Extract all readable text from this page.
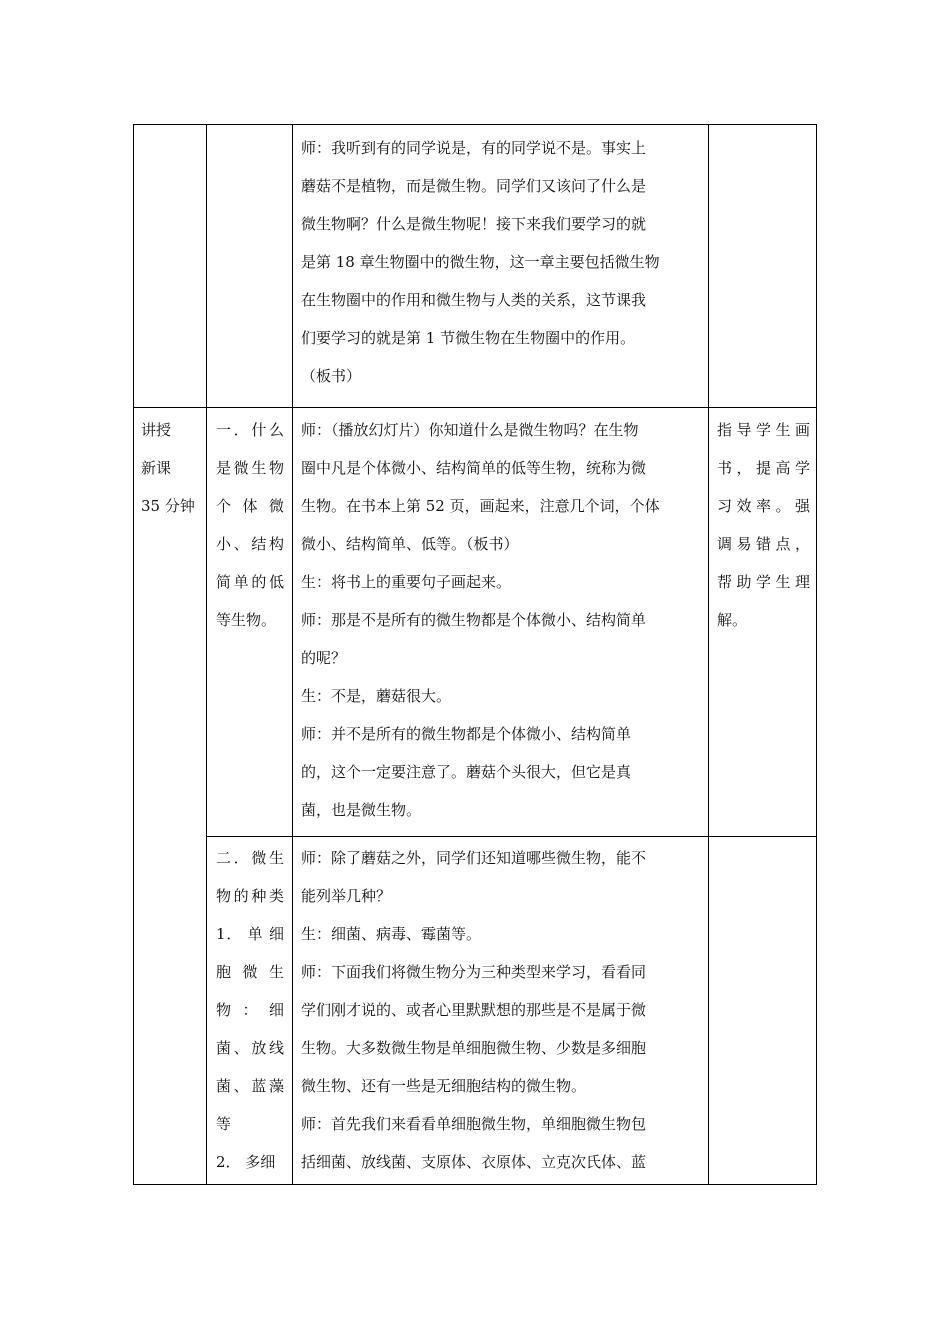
师：我听到有的同学说是，有的同学说不是。事实上

蘑菇不是植物，而是微生物。同学们又该问了什么是

微生物啊？什么是微生物呢！接下来我们要学习的就

是第 18 章生物圈中的微生物，这一章主要包括微生物

在生物圈中的作用和微生物与人类的关系，这节课我

们要学习的就是第 1 节微生物在生物圈中的作用。

（板书）

讲授

新课

35 分钟

一．什么

是微生物

个 体 微

小、结构

简单的低

等生物。

师：（播放幻灯片）你知道什么是微生物吗？在生物

圈中凡是个体微小、结构简单的低等生物，统称为微

生物。在书本上第 52 页，画起来，注意几个词，个体

微小、结构简单、低等。（板书）

生：将书上的重要句子画起来。

师：那是不是所有的微生物都是个体微小、结构简单

的呢？

生：不是，蘑菇很大。

师：并不是所有的微生物都是个体微小、结构简单

的，这个一定要注意了。蘑菇个头很大，但它是真

菌，也是微生物。

指导学生画

书，提高学

习效率。强

调易错点，

帮助学生理

解。

二．微生

物的种类

1． 单 细

胞 微 生

物 ： 细

菌、放线

菌、蓝藻

等

2． 多细

师：除了蘑菇之外，同学们还知道哪些微生物，能不

能列举几种？

生：细菌、病毒、霉菌等。

师：下面我们将微生物分为三种类型来学习，看看同

学们刚才说的、或者心里默默想的那些是不是属于微

生物。大多数微生物是单细胞微生物、少数是多细胞

微生物、还有一些是无细胞结构的微生物。

师：首先我们来看看单细胞微生物，单细胞微生物包

括细菌、放线菌、支原体、衣原体、立克次氏体、蓝
